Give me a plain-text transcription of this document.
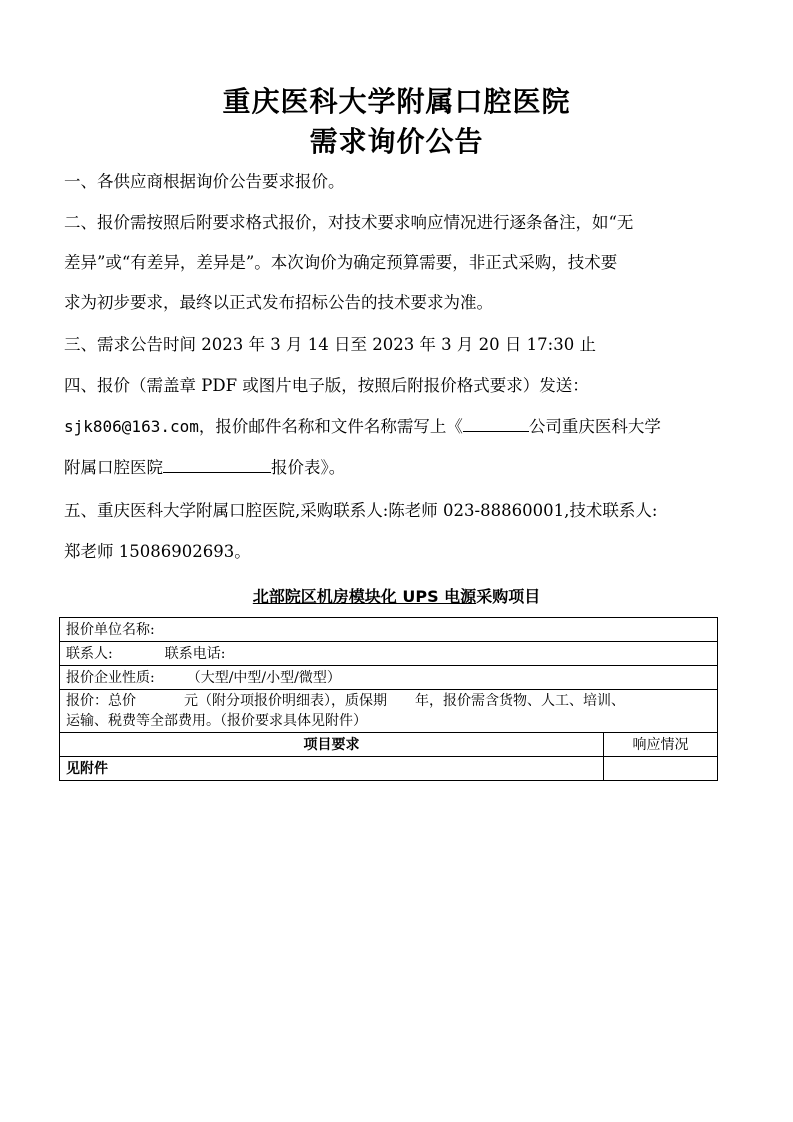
重庆医科大学附属口腔医院
需求询价公告
一、各供应商根据询价公告要求报价。
二、报价需按照后附要求格式报价，对技术要求响应情况进行逐条备注，如“无
差异”或“有差异，差异是”。本次询价为确定预算需要，非正式采购，技术要
求为初步要求，最终以正式发布招标公告的技术要求为准。
三、需求公告时间 2023 年 3 月 14 日至 2023 年 3 月 20 日 17:30 止
四、报价（需盖章 PDF 或图片电子版，按照后附报价格式要求）发送：
sjk806@163.com，报价邮件名称和文件名称需写上《	公司重庆医科大学
附属口腔医院	报价表》。
五、重庆医科大学附属口腔医院,采购联系人:陈老师 023-88860001,技术联系人:
郑老师 15086902693。
北部院区机房模块化 UPS 电源采购项目
报价单位名称:	
联系人: 联系电话:	
报价企业性质: （大型/中型/小型/微型）	
报价：总价 元（附分项报价明细表），质保期 年，报价需含货物、人工、培训、
运输、税费等全部费用。（报价要求具体见附件）	
项目要求	响应情况
见附件	
